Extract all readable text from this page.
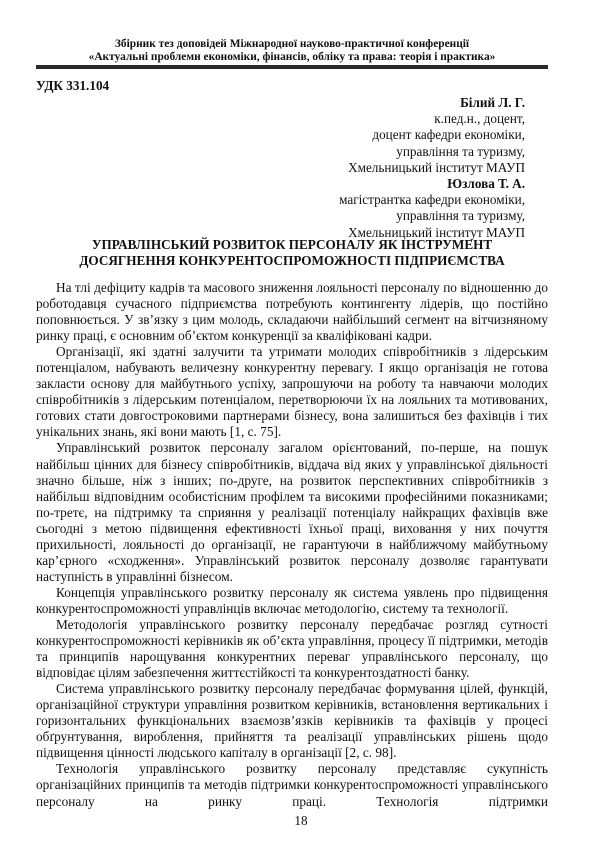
Збірник тез доповідей Міжнародної науково-практичної конференції
«Актуальні проблеми економіки, фінансів, обліку та права: теорія і практика»
УДК 331.104
Білий Л. Г.
к.пед.н., доцент,
доцент кафедри економіки,
управління та туризму,
Хмельницький інститут МАУП
Юзлова Т. А.
магістрантка кафедри економіки,
управління та туризму,
Хмельницький інститут МАУП
УПРАВЛІНСЬКИЙ РОЗВИТОК ПЕРСОНАЛУ ЯК ІНСТРУМЕНТ
ДОСЯГНЕННЯ КОНКУРЕНТОСПРОМОЖНОСТІ ПІДПРИЄМСТВА

На тлі дефіциту кадрів та масового зниження лояльності персоналу по відношенню до роботодавця сучасного підприємства потребують контингенту лідерів, що постійно поповнюється. У зв’язку з цим молодь, складаючи найбільший сегмент на вітчизняному ринку праці, є основним об’єктом конкуренції за кваліфіковані кадри.

Організації, які здатні залучити та утримати молодих співробітників з лідерським потенціалом, набувають величезну конкурентну перевагу. І якщо організація не готова закласти основу для майбутнього успіху, запрошуючи на роботу та навчаючи молодих співробітників з лідерським потенціалом, перетворюючи їх на лояльних та мотивованих, готових стати довгостроковими партнерами бізнесу, вона залишиться без фахівців і тих унікальних знань, які вони мають [1, с. 75].

Управлінський розвиток персоналу загалом орієнтований, по-перше, на пошук найбільш цінних для бізнесу співробітників, віддача від яких у управлінської діяльності значно більше, ніж з інших; по-друге, на розвиток перспективних співробітників з найбільш відповідним особистісним профілем та високими професійними показниками; по-третє, на підтримку та сприяння у реалізації потенціалу найкращих фахівців вже сьогодні з метою підвищення ефективності їхньої праці, виховання у них почуття прихильності, лояльності до організації, не гарантуючи в найближчому майбутньому кар’єрного «сходження». Управлінський розвиток персоналу дозволяє гарантувати наступність в управлінні бізнесом.

Концепція управлінського розвитку персоналу як система уявлень про підвищення конкурентоспроможності управлінців включає методологію, систему та технології.

Методологія управлінського розвитку персоналу передбачає розгляд сутності конкурентоспроможності керівників як об’єкта управління, процесу її підтримки, методів та принципів нарощування конкурентних переваг управлінського персоналу, що відповідає цілям забезпечення життєстійкості та конкурентоздатності банку.

Система управлінського розвитку персоналу передбачає формування цілей, функцій, організаційної структури управління розвитком керівників, встановлення вертикальних і горизонтальних функціональних взаємозв’язків керівників та фахівців у процесі обґрунтування, вироблення, прийняття та реалізації управлінських рішень щодо підвищення цінності людського капіталу в організації [2, с. 98].

Технологія управлінського розвитку персоналу представляє сукупність організаційних принципів та методів підтримки конкурентоспроможності управлінського персоналу на ринку праці. Технологія підтримки

18
